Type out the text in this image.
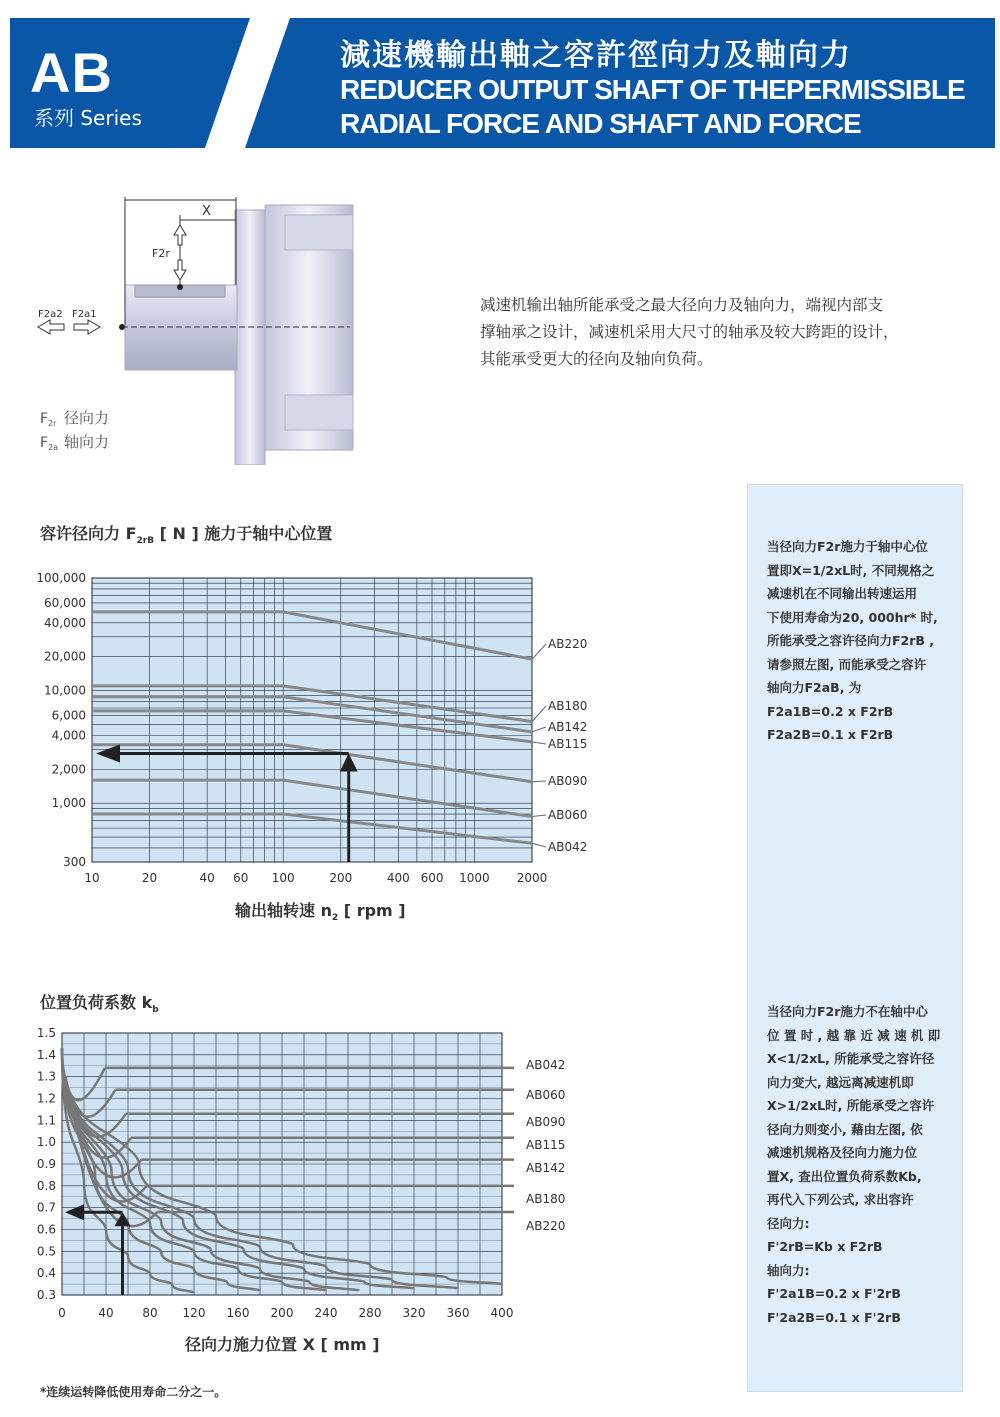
AB
系列 Series
減速機輸出軸之容許徑向力及軸向力
REDUCER OUTPUT SHAFT OF THEPERMISSIBLE
RADIAL FORCE AND SHAFT AND FORCE
X
F2r
F2a2 F2a1
$F_{2r}$ 径向力
$F_{2a}$ 轴向力
减速机输出轴所能承受之最大径向力及轴向力，端视内部支
撑轴承之设计，减速机采用大尺寸的轴承及较大跨距的设计，
其能承受更大的径向及轴向负荷。
当径向力F2r施力于轴中心位
置即X=1/2xL时, 不同规格之
减速机在不同输出转速运用
下使用寿命为20, 000hr* 时,
所能承受之容许径向力F2rB ,
请参照左图, 而能承受之容许
轴向力F2aB, 为
F2a1B=0.2 x F2rB
F2a2B=0.1 x F2rB
当径向力F2r施力不在轴中心
位 置 时 , 越 靠 近 减 速 机 即
X<1/2xL, 所能承受之容许径
向力变大, 越远离减速机即
X>1/2xL时, 所能承受之容许
径向力则变小, 藉由左图, 依
减速机规格及径向力施力位
置X, 查出位置负荷系数Kb,
再代入下列公式, 求出容许
径向力:
F'2rB=Kb x F2rB
轴向力:
F'2a1B=0.2 x F'2rB
F'2a2B=0.1 x F'2rB
容许径向力 $F_{2rB}$ [ N ] 施力于轴中心位置
300
1,000
2,000
4,000
6,000
10,000
20,000
40,000
60,000
100,000
10	20	40 60 100	200	400 600 1000 2000
AB220
AB180
AB142
AB115
AB090
AB060
AB042
输出轴转速 $n_2$ [ rpm ]
位置负荷系数 $k_b$
0.3
0.4
0.5
0.6
0.7
0.8
0.9
1.0
1.1
1.2
1.3
1.4
1.5
0	40 80 120 160 200 240 280 320 360 400
AB042
AB060
AB090
AB115
AB142
AB180
AB220
径向力施力位置 X [ mm ]
*连续运转降低使用寿命二分之一。
